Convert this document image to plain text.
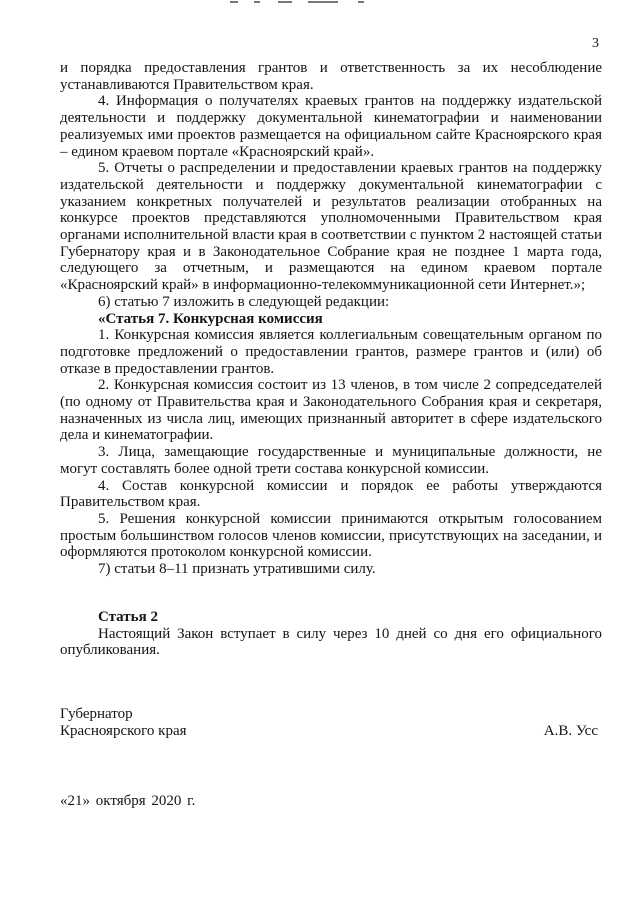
3

и порядка предоставления грантов и ответственность за их несоблюдение устанавливаются Правительством края.

4. Информация о получателях краевых грантов на поддержку издательской деятельности и поддержку документальной кинематографии и наименовании реализуемых ими проектов размещается на официальном сайте Красноярского края – едином краевом портале «Красноярский край».

5. Отчеты о распределении и предоставлении краевых грантов на поддержку издательской деятельности и поддержку документальной кинематографии с указанием конкретных получателей и результатов реализации отобранных на конкурсе проектов представляются уполномоченными Правительством края органами исполнительной власти края в соответствии с пунктом 2 настоящей статьи Губернатору края и в Законодательное Собрание края не позднее 1 марта года, следующего за отчетным, и размещаются на едином краевом портале «Красноярский край» в информационно-телекоммуникационной сети Интернет.»;

6) статью 7 изложить в следующей редакции:

«Статья 7. Конкурсная комиссия

1. Конкурсная комиссия является коллегиальным совещательным органом по подготовке предложений о предоставлении грантов, размере грантов и (или) об отказе в предоставлении грантов.

2. Конкурсная комиссия состоит из 13 членов, в том числе 2 сопредседателей (по одному от Правительства края и Законодательного Собрания края и секретаря, назначенных из числа лиц, имеющих признанный авторитет в сфере издательского дела и кинематографии.

3. Лица, замещающие государственные и муниципальные должности, не могут составлять более одной трети состава конкурсной комиссии.

4. Состав конкурсной комиссии и порядок ее работы утверждаются Правительством края.

5. Решения конкурсной комиссии принимаются открытым голосованием простым большинством голосов членов комиссии, присутствующих на заседании, и оформляются протоколом конкурсной комиссии.

7) статьи 8–11 признать утратившими силу.

Статья 2

Настоящий Закон вступает в силу через 10 дней со дня его официального опубликования.

Губернатор
Красноярского края	А.В. Усс
«21» октября 2020 г.
